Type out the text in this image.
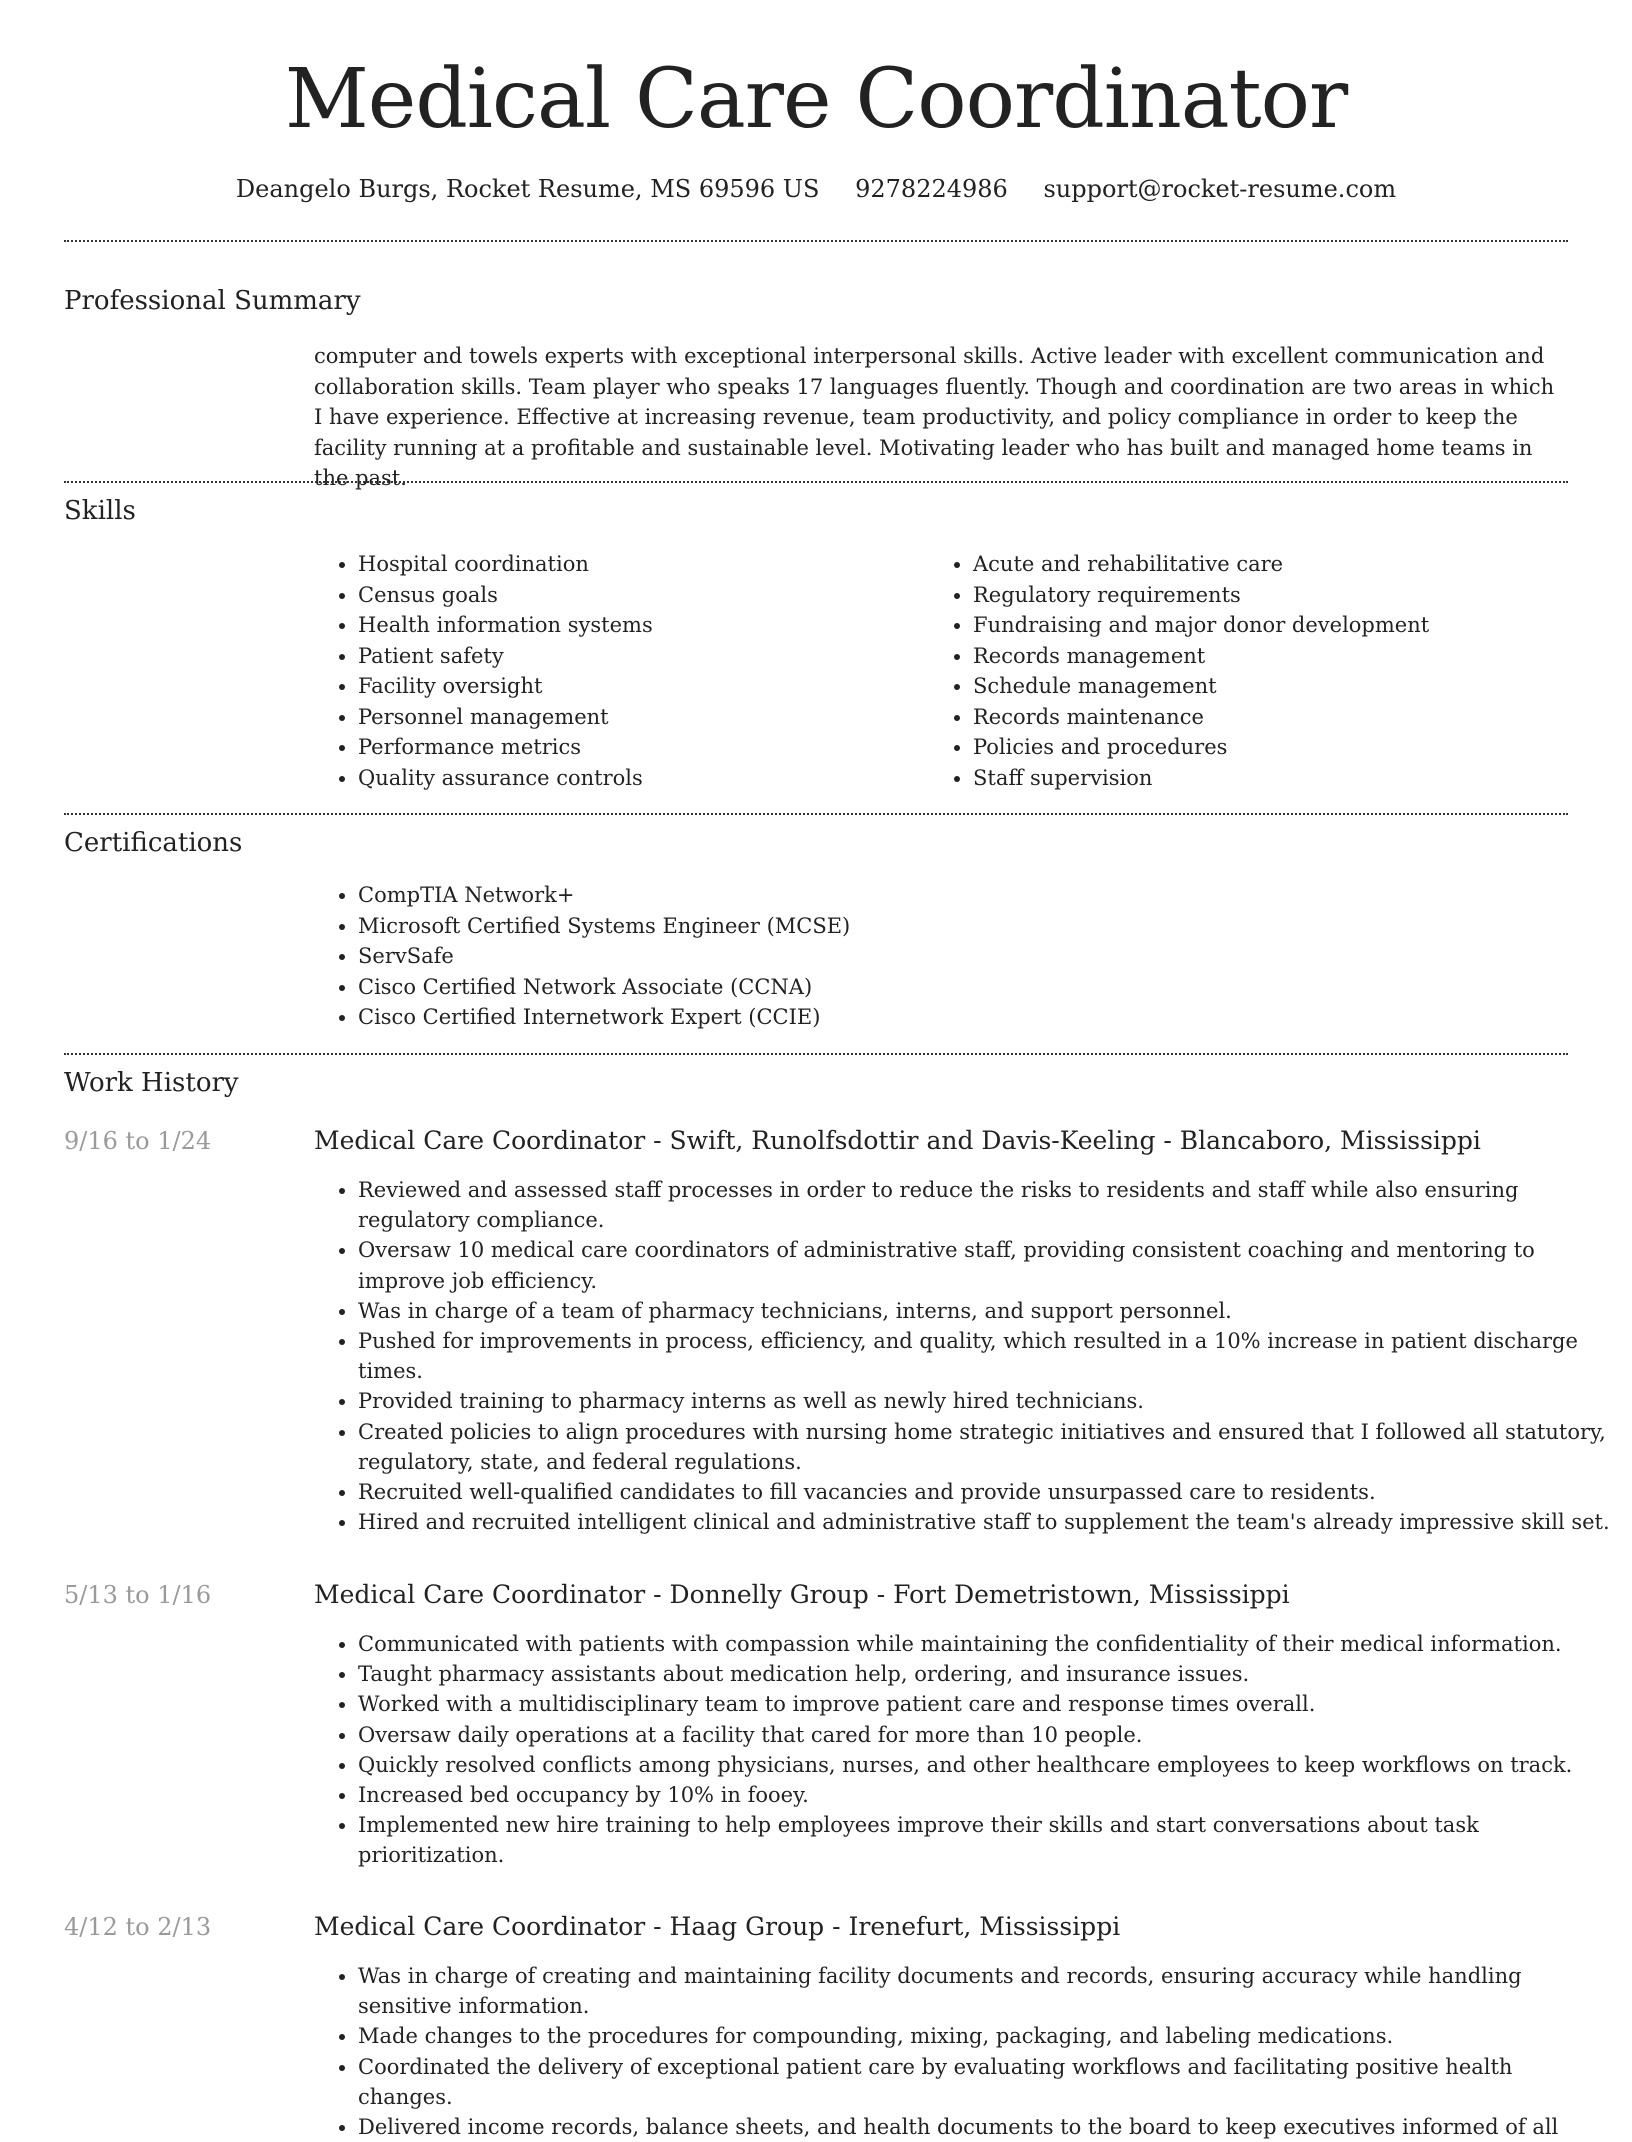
Medical Care Coordinator
Deangelo Burgs, Rocket Resume, MS 69596 US 9278224986 support@rocket-resume.com
Professional Summary

computer and towels experts with exceptional interpersonal skills. Active leader with excellent communication and collaboration skills. Team player who speaks 17 languages fluently. Though and coordination are two areas in which I have experience. Effective at increasing revenue, team productivity, and policy compliance in order to keep the facility running at a profitable and sustainable level. Motivating leader who has built and managed home teams in the past.

Skills
• Hospital coordination
• Census goals
• Health information systems
• Patient safety
• Facility oversight
• Personnel management
• Performance metrics
• Quality assurance controls
• Acute and rehabilitative care
• Regulatory requirements
• Fundraising and major donor development
• Records management
• Schedule management
• Records maintenance
• Policies and procedures
• Staff supervision
Certifications
• CompTIA Network+
• Microsoft Certified Systems Engineer (MCSE)
• ServSafe
• Cisco Certified Network Associate (CCNA)
• Cisco Certified Internetwork Expert (CCIE)
Work History
9/16 to 1/24	Medical Care Coordinator - Swift, Runolfsdottir and Davis-Keeling - Blancaboro, Mississippi
• Reviewed and assessed staff processes in order to reduce the risks to residents and staff while also ensuring regulatory compliance.
• Oversaw 10 medical care coordinators of administrative staff, providing consistent coaching and mentoring to improve job efficiency.
• Was in charge of a team of pharmacy technicians, interns, and support personnel.
• Pushed for improvements in process, efficiency, and quality, which resulted in a 10% increase in patient discharge times.
• Provided training to pharmacy interns as well as newly hired technicians.
• Created policies to align procedures with nursing home strategic initiatives and ensured that I followed all statutory, regulatory, state, and federal regulations.
• Recruited well-qualified candidates to fill vacancies and provide unsurpassed care to residents.
• Hired and recruited intelligent clinical and administrative staff to supplement the team's already impressive skill set.
5/13 to 1/16	Medical Care Coordinator - Donnelly Group - Fort Demetristown, Mississippi
• Communicated with patients with compassion while maintaining the confidentiality of their medical information.
• Taught pharmacy assistants about medication help, ordering, and insurance issues.
• Worked with a multidisciplinary team to improve patient care and response times overall.
• Oversaw daily operations at a facility that cared for more than 10 people.
• Quickly resolved conflicts among physicians, nurses, and other healthcare employees to keep workflows on track.
• Increased bed occupancy by 10% in fooey.
• Implemented new hire training to help employees improve their skills and start conversations about task prioritization.
4/12 to 2/13	Medical Care Coordinator - Haag Group - Irenefurt, Mississippi
• Was in charge of creating and maintaining facility documents and records, ensuring accuracy while handling sensitive information.
• Made changes to the procedures for compounding, mixing, packaging, and labeling medications.
• Coordinated the delivery of exceptional patient care by evaluating workflows and facilitating positive health changes.
• Delivered income records, balance sheets, and health documents to the board to keep executives informed of all
